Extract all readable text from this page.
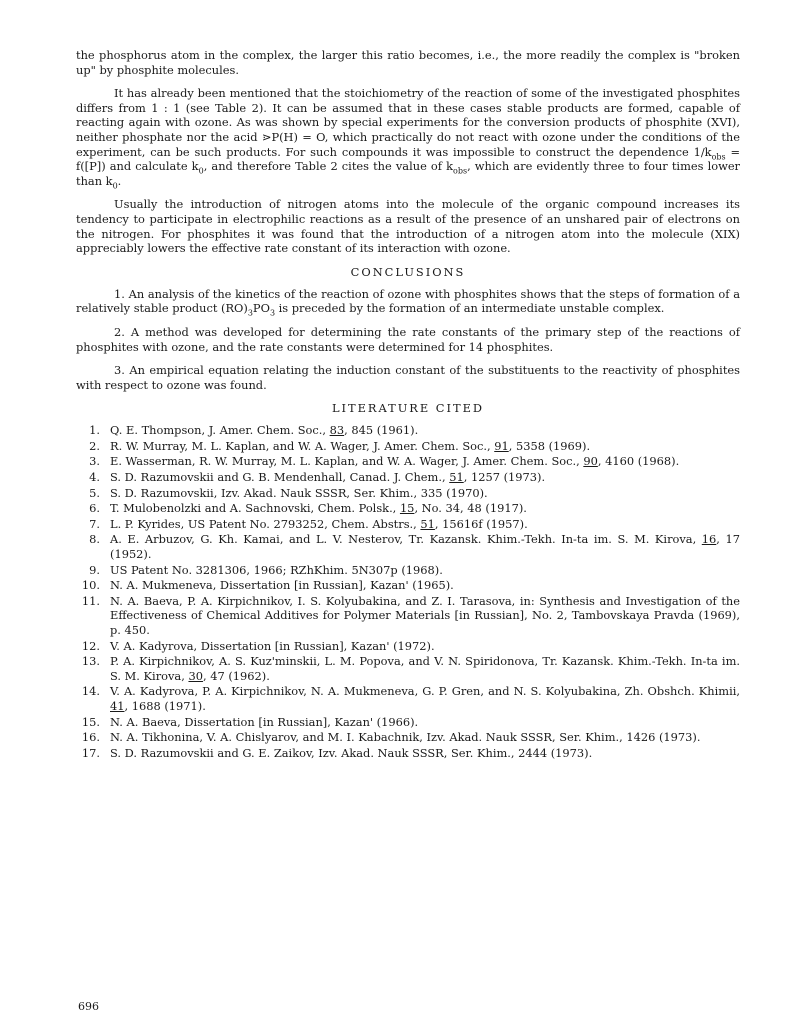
the phosphorus atom in the complex, the larger this ratio becomes, i.e., the more readily the complex is "broken up" by phosphite molecules.

It has already been mentioned that the stoichiometry of the reaction of some of the investigated phosphites differs from 1 : 1 (see Table 2). It can be assumed that in these cases stable products are formed, capable of reacting again with ozone. As was shown by special experiments for the conversion products of phosphite (XVI), neither phosphate nor the acid ⋗P(H) = O, which practically do not react with ozone under the conditions of the experiment, can be such products. For such compounds it was impossible to construct the dependence $1/k_{obs} = f([P])$ and calculate $k_0$, and therefore Table 2 cites the value of $k_{obs}$, which are evidently three to four times lower than $k_0$.

Usually the introduction of nitrogen atoms into the molecule of the organic compound increases its tendency to participate in electrophilic reactions as a result of the presence of an unshared pair of electrons on the nitrogen. For phosphites it was found that the introduction of a nitrogen atom into the molecule (XIX) appreciably lowers the effective rate constant of its interaction with ozone.

CONCLUSIONS

1. An analysis of the kinetics of the reaction of ozone with phosphites shows that the steps of formation of a relatively stable product $(RO)_3PO_3$ is preceded by the formation of an intermediate unstable complex.

2. A method was developed for determining the rate constants of the primary step of the reactions of phosphites with ozone, and the rate constants were determined for 14 phosphites.

3. An empirical equation relating the induction constant of the substituents to the reactivity of phosphites with respect to ozone was found.

LITERATURE CITED
1. Q. E. Thompson, J. Amer. Chem. Soc., 83, 845 (1961).
2. R. W. Murray, M. L. Kaplan, and W. A. Wager, J. Amer. Chem. Soc., 91, 5358 (1969).
3. E. Wasserman, R. W. Murray, M. L. Kaplan, and W. A. Wager, J. Amer. Chem. Soc., 90, 4160 (1968).
4. S. D. Razumovskii and G. B. Mendenhall, Canad. J. Chem., 51, 1257 (1973).
5. S. D. Razumovskii, Izv. Akad. Nauk SSSR, Ser. Khim., 335 (1970).
6. T. Mulobenolzki and A. Sachnovski, Chem. Polsk., 15, No. 34, 48 (1917).
7. L. P. Kyrides, US Patent No. 2793252, Chem. Abstrs., 51, 15616f (1957).
8. A. E. Arbuzov, G. Kh. Kamai, and L. V. Nesterov, Tr. Kazansk. Khim.-Tekh. In-ta im. S. M. Kirova, 16, 17 (1952).
9. US Patent No. 3281306, 1966; RZhKhim. 5N307p (1968).
10. N. A. Mukmeneva, Dissertation [in Russian], Kazan' (1965).
11. N. A. Baeva, P. A. Kirpichnikov, I. S. Kolyubakina, and Z. I. Tarasova, in: Synthesis and Investigation of the Effectiveness of Chemical Additives for Polymer Materials [in Russian], No. 2, Tambovskaya Pravda (1969), p. 450.
12. V. A. Kadyrova, Dissertation [in Russian], Kazan' (1972).
13. P. A. Kirpichnikov, A. S. Kuz'minskii, L. M. Popova, and V. N. Spiridonova, Tr. Kazansk. Khim.-Tekh. In-ta im. S. M. Kirova, 30, 47 (1962).
14. V. A. Kadyrova, P. A. Kirpichnikov, N. A. Mukmeneva, G. P. Gren, and N. S. Kolyubakina, Zh. Obshch. Khimii, 41, 1688 (1971).
15. N. A. Baeva, Dissertation [in Russian], Kazan' (1966).
16. N. A. Tikhonina, V. A. Chislyarov, and M. I. Kabachnik, Izv. Akad. Nauk SSSR, Ser. Khim., 1426 (1973).
17. S. D. Razumovskii and G. E. Zaikov, Izv. Akad. Nauk SSSR, Ser. Khim., 2444 (1973).
696
